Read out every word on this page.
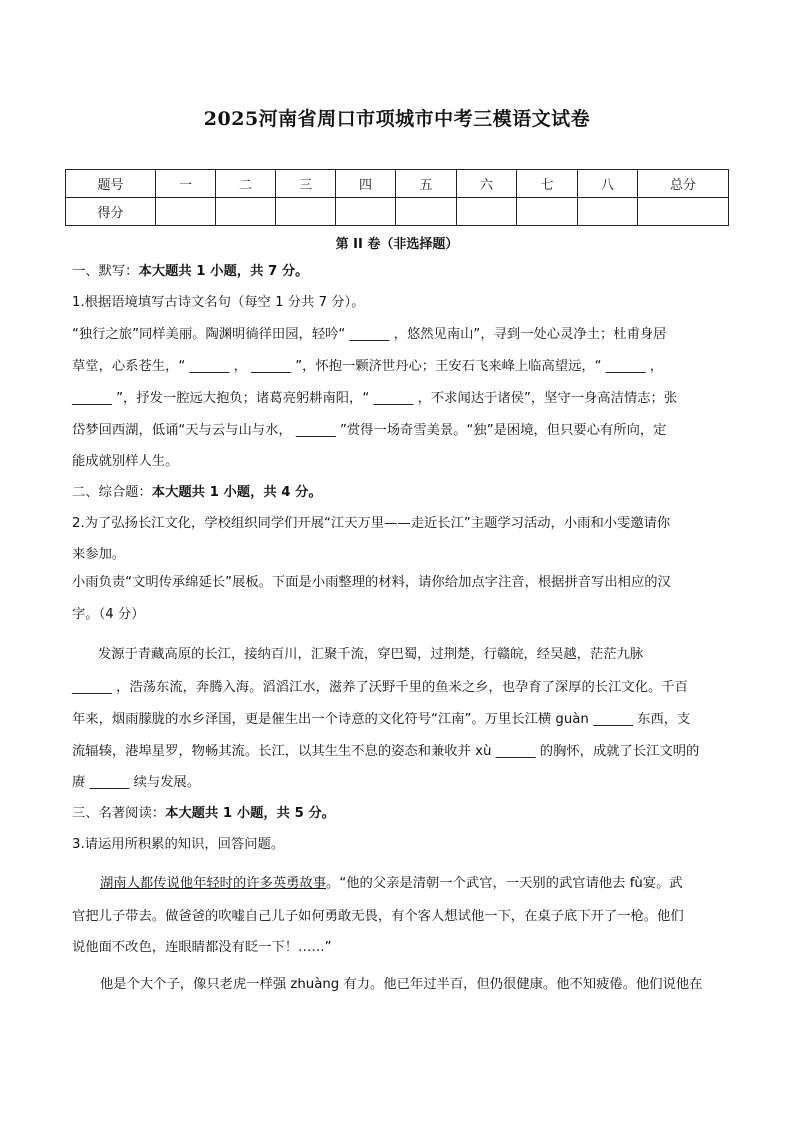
2025河南省周口市项城市中考三模语文试卷
题号	一	二	三	四	五	六	七	八	总分
得分									
第 II 卷（非选择题）
一、默写：本大题共 1 小题，共 7 分。
1.根据语境填写古诗文名句（每空 1 分共 7 分）。
“独行之旅”同样美丽。陶渊明徜徉田园，轻吟“ ______ ，悠然见南山”，寻到一处心灵净土；杜甫身居
草堂，心系苍生，“ ______ ， ______ ”，怀抱一颗济世丹心；王安石飞来峰上临高望远，“ ______ ，
______ ”，抒发一腔远大抱负；诸葛亮躬耕南阳，“ ______ ，不求闻达于诸侯”，坚守一身高洁情志；张
岱梦回西湖，低诵“天与云与山与水， ______ ”赏得一场奇雪美景。“独”是困境，但只要心有所向，定
能成就别样人生。
二、综合题：本大题共 1 小题，共 4 分。
2.为了弘扬长江文化，学校组织同学们开展“江天万里——走近长江”主题学习活动，小雨和小雯邀请你
来参加。
小雨负责“文明传承绵延长”展板。下面是小雨整理的材料，请你给加点字注音，根据拼音写出相应的汉
字。（4 分）
发源于青藏高原的长江，接纳百川，汇聚千流，穿巴蜀，过荆楚，行赣皖，经吴越，茫茫九脉
______ ，浩荡东流，奔腾入海。滔滔江水，滋养了沃野千里的鱼米之乡，也孕育了深厚的长江文化。千百
年来，烟雨朦胧的水乡泽国，更是催生出一个诗意的文化符号“江南”。万里长江横 guàn ______ 东西，支
流辐辏，港埠星罗，物畅其流。长江，以其生生不息的姿态和兼收并 xù ______ 的胸怀，成就了长江文明的
赓 ______ 续与发展。
三、名著阅读：本大题共 1 小题，共 5 分。
3.请运用所积累的知识，回答问题。
湖南人都传说他年轻时的许多英勇故事。“他的父亲是清朝一个武官，一天别的武官请他去 fù宴。武
官把儿子带去。做爸爸的吹嘘自己儿子如何勇敢无畏，有个客人想试他一下，在桌子底下开了一枪。他们
说他面不改色，连眼睛都没有眨一下！……”
他是个大个子，像只老虎一样强 zhuàng 有力。他已年过半百，但仍很健康。他不知疲倦。他们说他在
